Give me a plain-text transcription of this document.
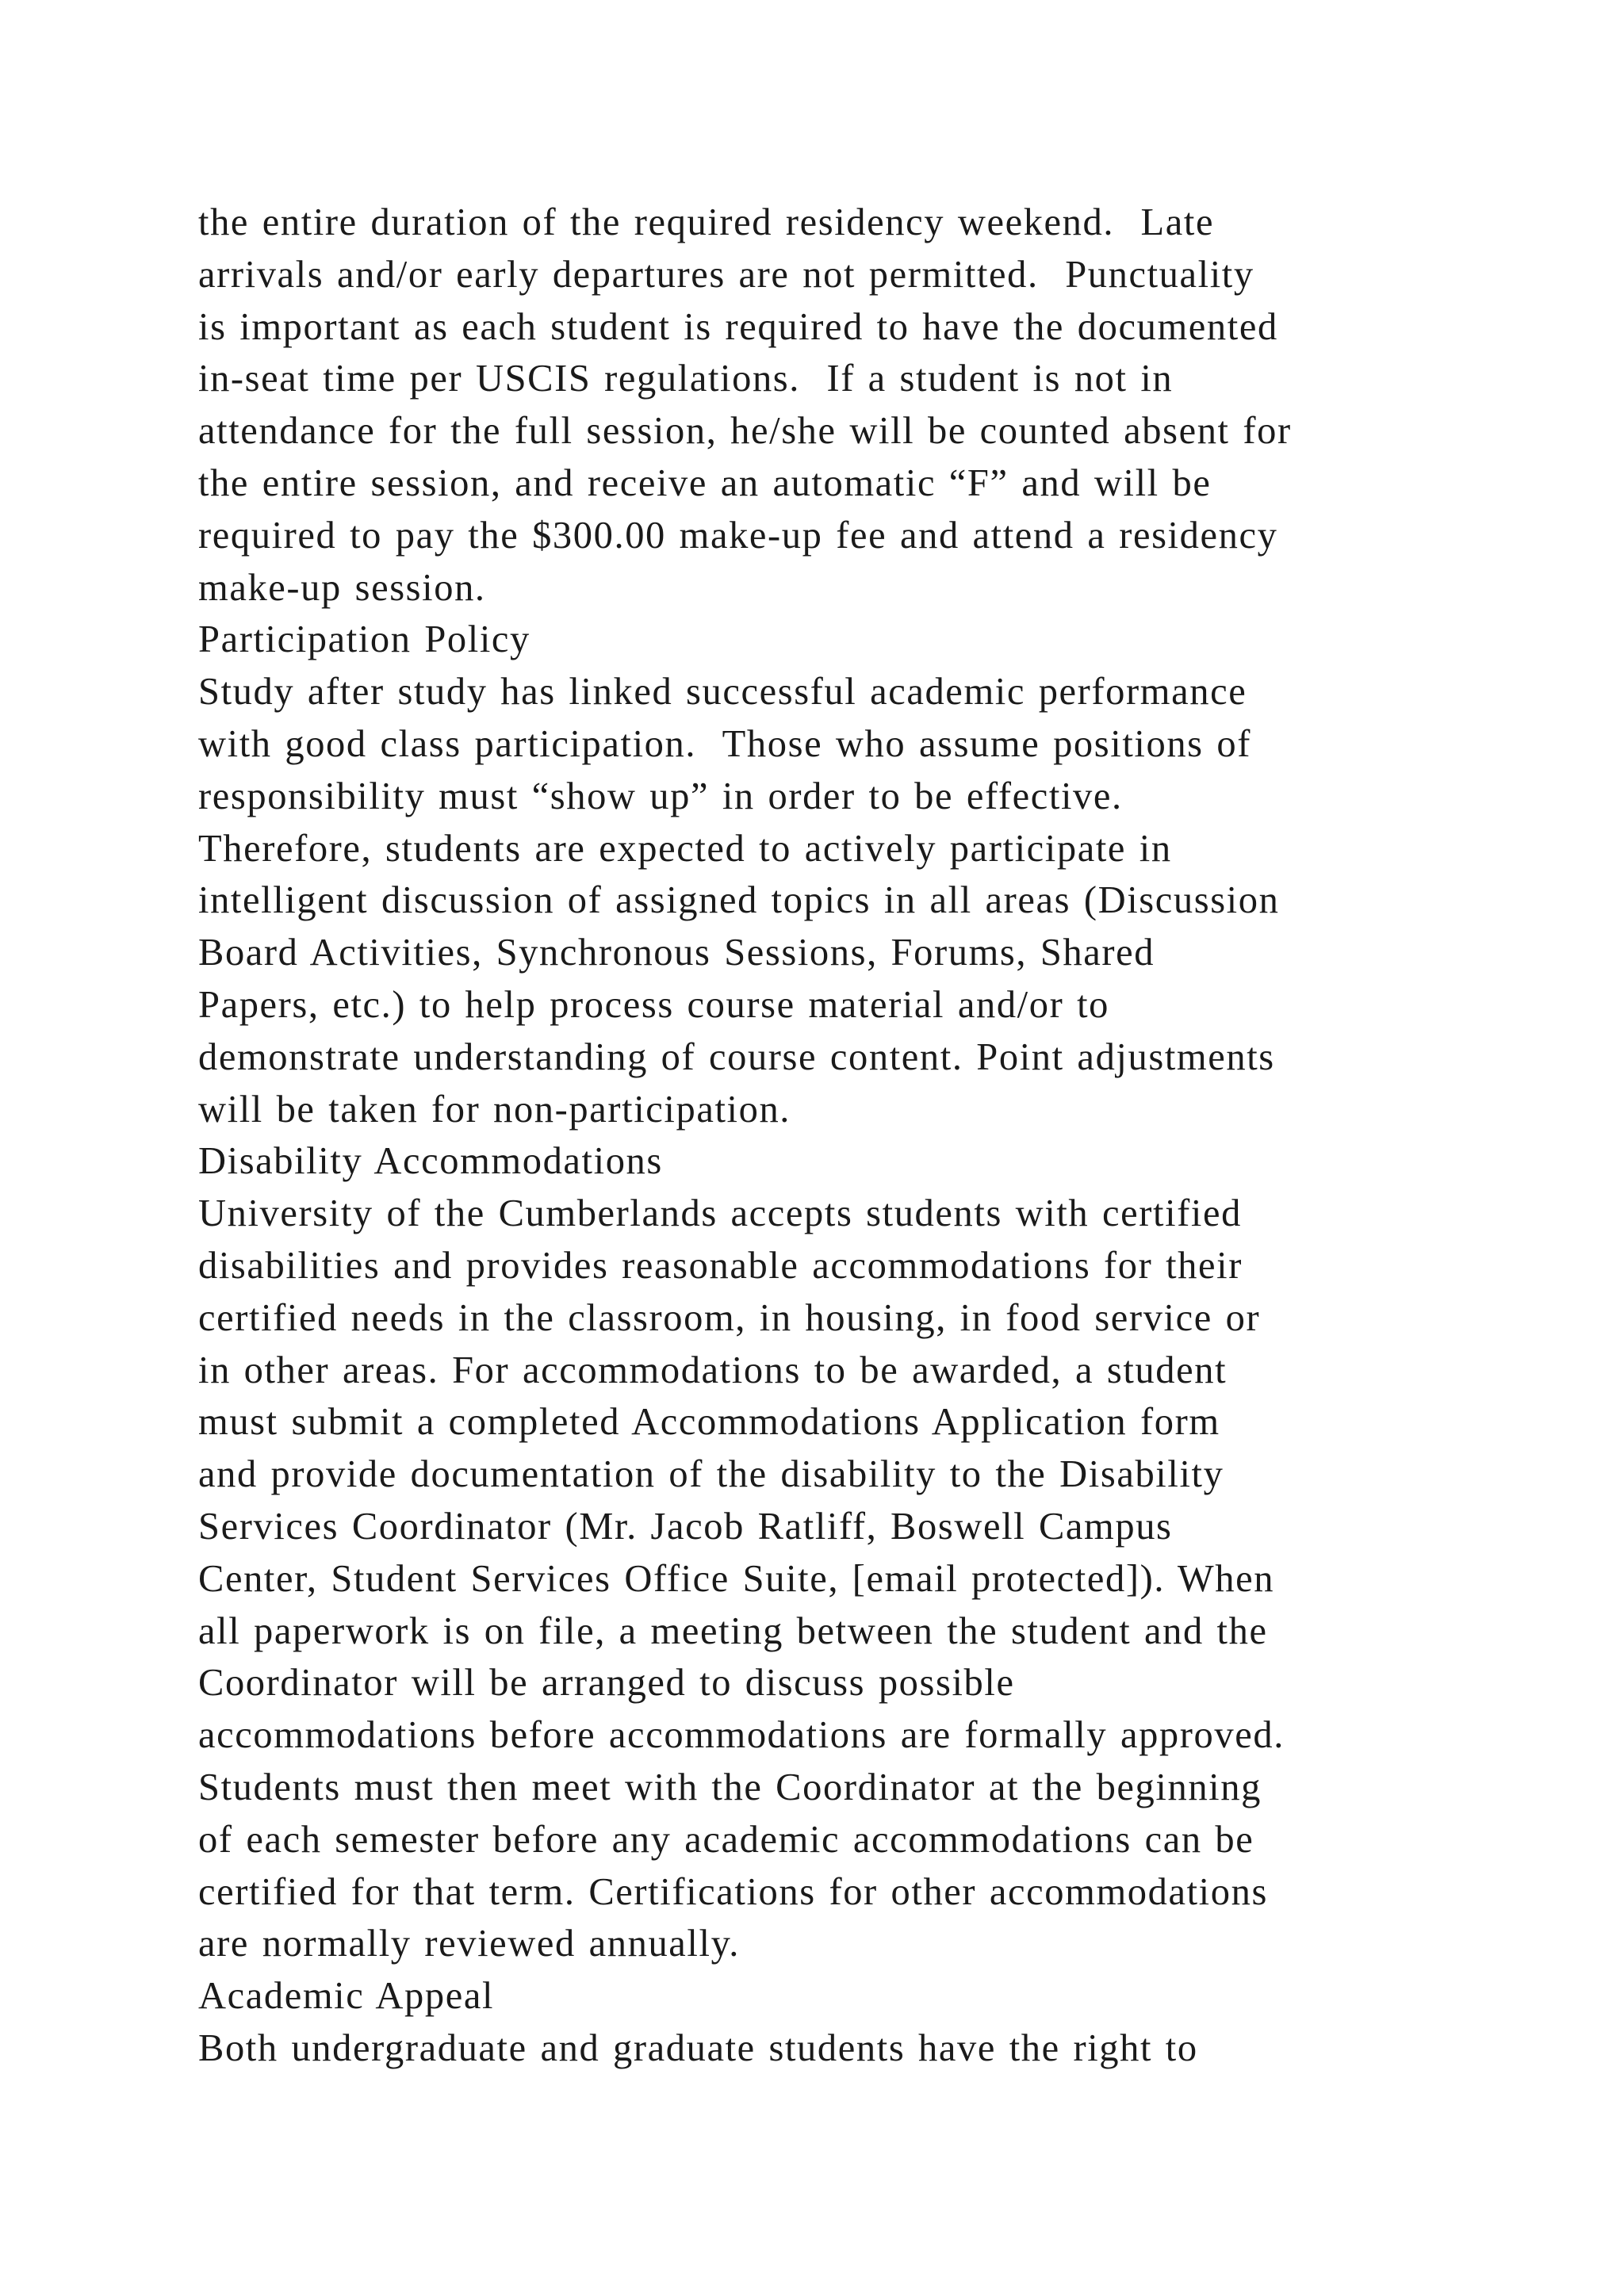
the entire duration of the required residency weekend.  Late
arrivals and/or early departures are not permitted.  Punctuality
is important as each student is required to have the documented
in-seat time per USCIS regulations.  If a student is not in
attendance for the full session, he/she will be counted absent for
the entire session, and receive an automatic “F” and will be
required to pay the $300.00 make-up fee and attend a residency
make-up session.
Participation Policy
Study after study has linked successful academic performance
with good class participation.  Those who assume positions of
responsibility must “show up” in order to be effective.
Therefore, students are expected to actively participate in
intelligent discussion of assigned topics in all areas (Discussion
Board Activities, Synchronous Sessions, Forums, Shared
Papers, etc.) to help process course material and/or to
demonstrate understanding of course content. Point adjustments
will be taken for non-participation.
Disability Accommodations
University of the Cumberlands accepts students with certified
disabilities and provides reasonable accommodations for their
certified needs in the classroom, in housing, in food service or
in other areas. For accommodations to be awarded, a student
must submit a completed Accommodations Application form
and provide documentation of the disability to the Disability
Services Coordinator (Mr. Jacob Ratliff, Boswell Campus
Center, Student Services Office Suite, [email protected]). When
all paperwork is on file, a meeting between the student and the
Coordinator will be arranged to discuss possible
accommodations before accommodations are formally approved.
Students must then meet with the Coordinator at the beginning
of each semester before any academic accommodations can be
certified for that term. Certifications for other accommodations
are normally reviewed annually.
Academic Appeal
Both undergraduate and graduate students have the right to
